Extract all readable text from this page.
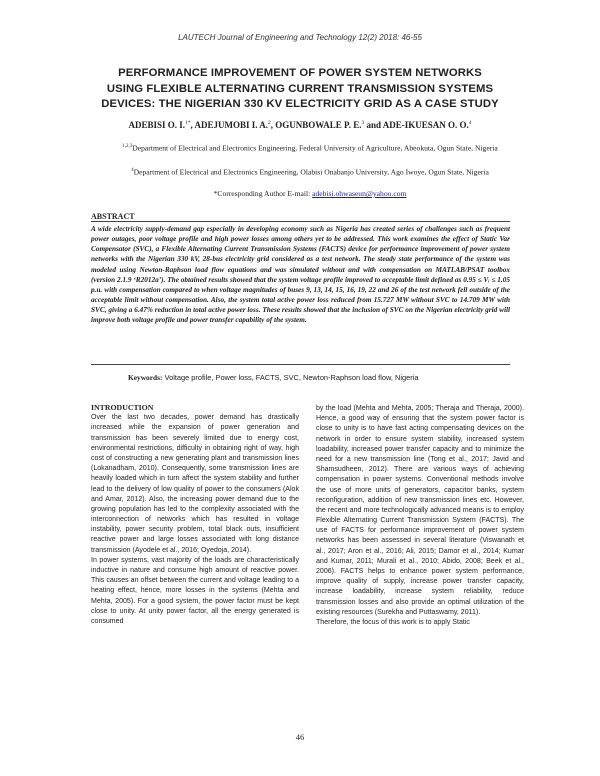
LAUTECH Journal of Engineering and Technology 12(2) 2018: 46-55
PERFORMANCE IMPROVEMENT OF POWER SYSTEM NETWORKS
USING FLEXIBLE ALTERNATING CURRENT TRANSMISSION SYSTEMS
DEVICES: THE NIGERIAN 330 KV ELECTRICITY GRID AS A CASE STUDY
ADEBISI O. I.$^{1*}$, ADEJUMOBI I. A.$^2$, OGUNBOWALE P. E.$^3$ and ADE-IKUESAN O. O.$^4$
$^{1,2,3}$Department of Electrical and Electronics Engineering, Federal University of Agriculture, Abeokuta, Ogun State, Nigeria
$^4$Department of Electrical and Electronics Engineering, Olabisi Onabanjo University, Ago Iwoye, Ogun State, Nigeria
*Corresponding Author E-mail: adebisi.ohwaseun@yahoo.com
ABSTRACT
A wide electricity supply-demand gap especially in developing economy such as Nigeria has created series of challenges such as frequent power outages, poor voltage profile and high power losses among others yet to be addressed. This work examines the effect of Static Var Compensator (SVC), a Flexible Alternating Current Transmission Systems (FACTS) device for performance improvement of power system networks with the Nigerian 330 kV, 28-bus electricity grid considered as a test network. The steady state performance of the system was modeled using Newton-Raphson load flow equations and was simulated without and with compensation on MATLAB/PSAT toolbox (version 2.1.9 ‘R2012a’). The obtained results showed that the system voltage profile improved to acceptable limit defined as 0.95 ≤ Vᵢ ≤ 1.05 p.u. with compensation compared to when voltage magnitudes of buses 9, 13, 14, 15, 16, 19, 22 and 26 of the test network fell outside of the acceptable limit without compensation. Also, the system total active power loss reduced from 15.727 MW without SVC to 14.709 MW with SVC, giving a 6.47% reduction in total active power loss. These results showed that the inclusion of SVC on the Nigerian electricity grid will improve both voltage profile and power transfer capability of the system.
Keywords: Voltage profile, Power loss, FACTS, SVC, Newton-Raphson load flow, Nigeria
INTRODUCTION

Over the last two decades, power demand has drastically increased while the expansion of power generation and transmission has been severely limited due to energy cost, environmental restrictions, difficulty in obtaining right of way, high cost of constructing a new generating plant and transmission lines (Lokanadham, 2010). Consequently, some transmission lines are heavily loaded which in turn affect the system stability and further lead to the delivery of low quality of power to the consumers (Alok and Amar, 2012). Also, the increasing power demand due to the growing population has led to the complexity associated with the interconnection of networks which has resulted in voltage instability, power security problem, total black outs, insufficient reactive power and large losses associated with long distance transmission (Ayodele et al., 2016; Oyedoja, 2014).

In power systems, vast majority of the loads are characteristically inductive in nature and consume high amount of reactive power. This causes an offset between the current and voltage leading to a heating effect, hence, more losses in the systems (Mehta and Mehta, 2005). For a good system, the power factor must be kept close to unity. At unity power factor, all the energy generated is consumed

by the load (Mehta and Mehta, 2005; Theraja and Theraja, 2000). Hence, a good way of ensuring that the system power factor is close to unity is to have fast acting compensating devices on the network in order to ensure system stability, increased system loadability, increased power transfer capacity and to minimize the need for a new transmission line (Tong et al., 2017; Javid and Shamsudheen, 2012). There are various ways of achieving compensation in power systems. Conventional methods involve the use of more units of generators, capacitor banks, system reconfiguration, addition of new transmission lines etc. However, the recent and more technologically advanced means is to employ Flexible Alternating Current Transmission System (FACTS). The use of FACTS for performance improvement of power system networks has been assessed in several literature (Viswanath et al., 2017; Aron et al., 2016; Ali, 2015; Damor et al., 2014; Kumar and Kumar, 2011; Murali et al., 2010; Abido, 2008; Beek et al., 2006). FACTS helps to enhance power system performance, improve quality of supply, increase power transfer capacity, increase loadability, increase system reliability, reduce transmission losses and also provide an optimal utilization of the existing resources (Surekha and Puttaswamy, 2011).

Therefore, the focus of this work is to apply Static

46
